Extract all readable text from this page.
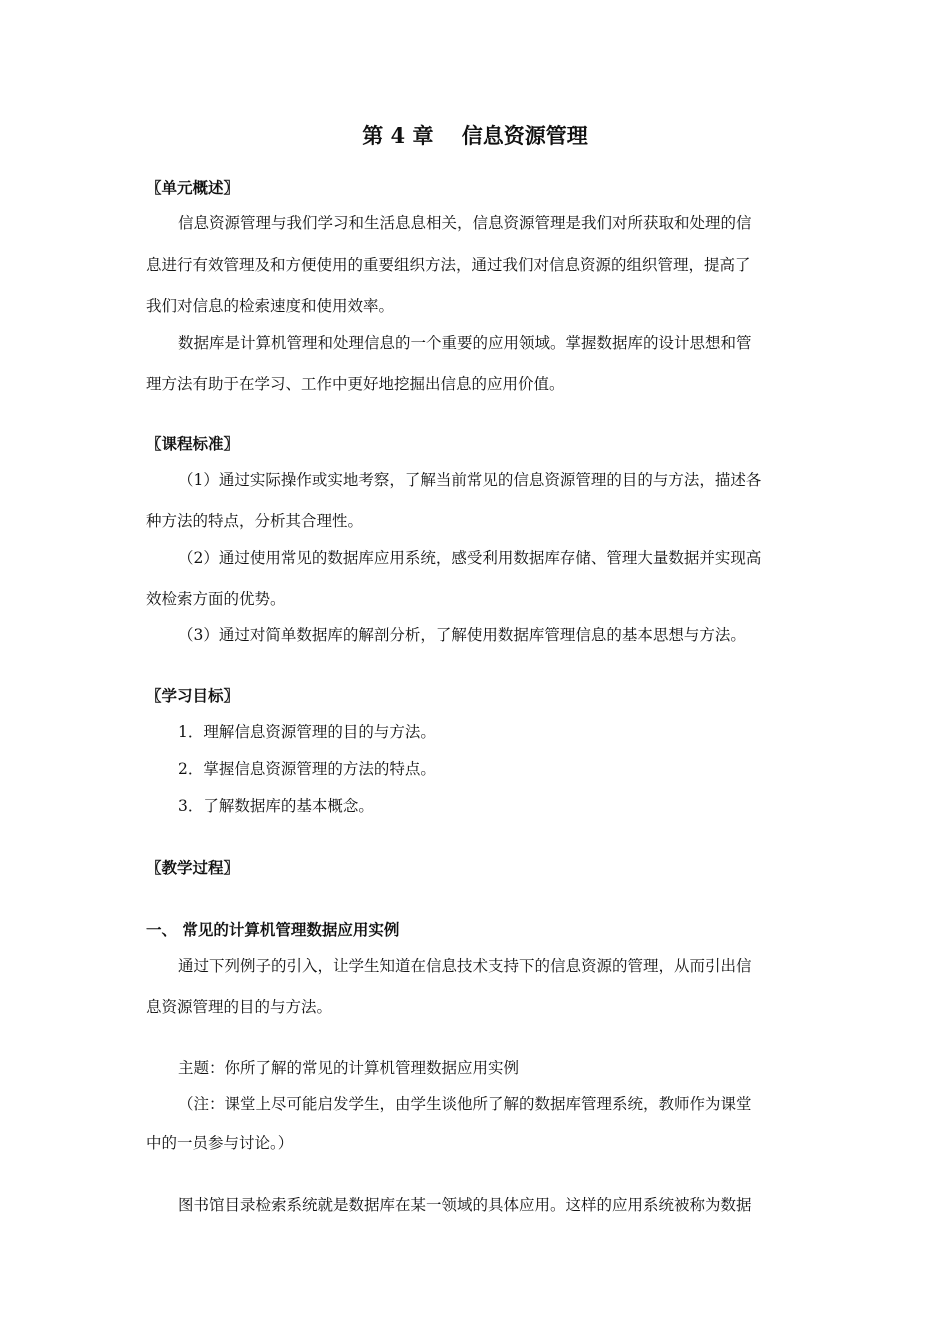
第 4 章　 信息资源管理
〖单元概述〗
信息资源管理与我们学习和生活息息相关，信息资源管理是我们对所获取和处理的信
息进行有效管理及和方便使用的重要组织方法，通过我们对信息资源的组织管理，提高了
我们对信息的检索速度和使用效率。
数据库是计算机管理和处理信息的一个重要的应用领域。掌握数据库的设计思想和管
理方法有助于在学习、工作中更好地挖掘出信息的应用价值。
〖课程标准〗
（1）通过实际操作或实地考察，了解当前常见的信息资源管理的目的与方法，描述各
种方法的特点，分析其合理性。
（2）通过使用常见的数据库应用系统，感受利用数据库存储、管理大量数据并实现高
效检索方面的优势。
（3）通过对简单数据库的解剖分析，了解使用数据库管理信息的基本思想与方法。
〖学习目标〗
1．理解信息资源管理的目的与方法。
2．掌握信息资源管理的方法的特点。
3．了解数据库的基本概念。
〖教学过程〗
一、 常见的计算机管理数据应用实例
通过下列例子的引入，让学生知道在信息技术支持下的信息资源的管理，从而引出信
息资源管理的目的与方法。
主题：你所了解的常见的计算机管理数据应用实例
（注：课堂上尽可能启发学生，由学生谈他所了解的数据库管理系统，教师作为课堂
中的一员参与讨论。）
图书馆目录检索系统就是数据库在某一领域的具体应用。这样的应用系统被称为数据
